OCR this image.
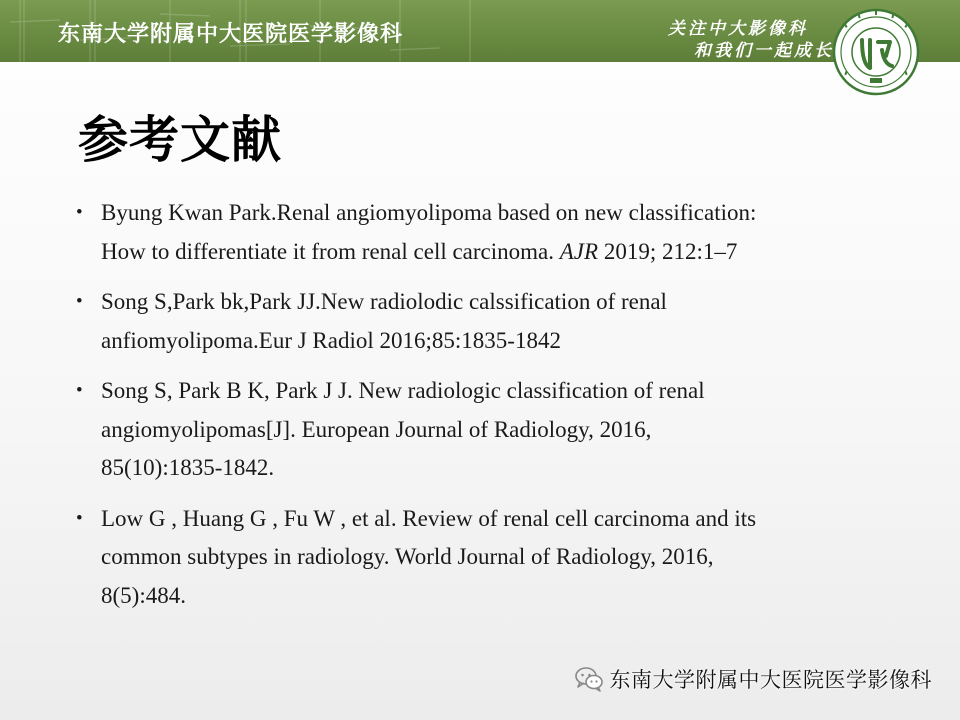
东南大学附属中大医院医学影像科	关注中大影像科
和我们一起成长
参考文献
• Byung Kwan Park.Renal angiomyolipoma based on new classification:
How to differentiate it from renal cell carcinoma. AJR 2019; 212:1–7
• Song S,Park bk,Park JJ.New radiolodic calssification of renal
anfiomyolipoma.Eur J Radiol 2016;85:1835-1842
• Song S, Park B K, Park J J. New radiologic classification of renal
angiomyolipomas[J]. European Journal of Radiology, 2016,
85(10):1835-1842.
• Low G , Huang G , Fu W , et al. Review of renal cell carcinoma and its
common subtypes in radiology. World Journal of Radiology, 2016,
8(5):484.
东南大学附属中大医院医学影像科
